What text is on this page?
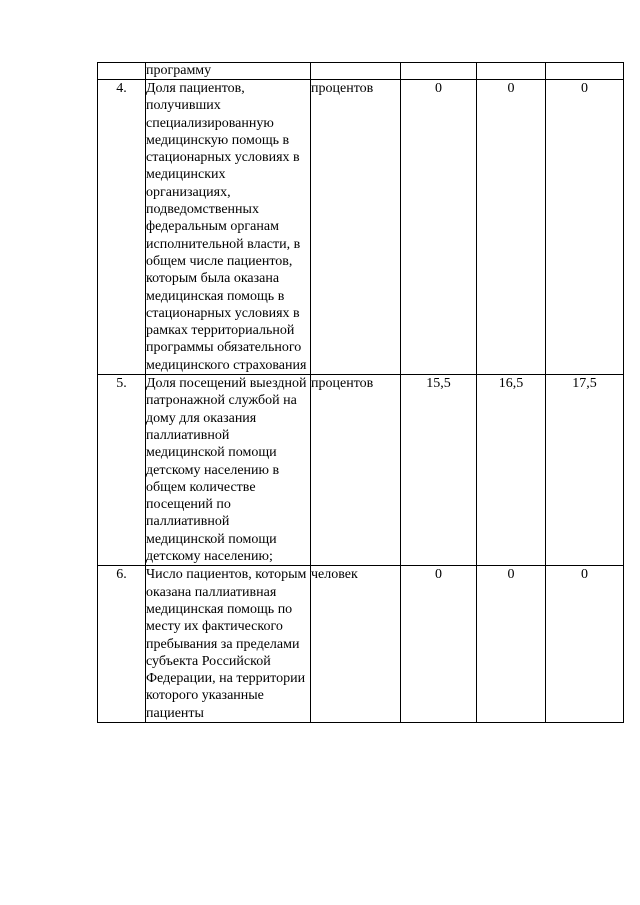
	программу				
4.	Доля пациентов, получивших специализированную медицинскую помощь в стационарных условиях в медицинских организациях, подведомственных федеральным органам исполнительной власти, в общем числе пациентов, которым была оказана медицинская помощь в стационарных условиях в рамках территориальной программы обязательного медицинского страхования	процентов	0	0	0
5.	Доля посещений выездной патронажной службой на дому для оказания паллиативной медицинской помощи детскому населению в общем количестве посещений по паллиативной медицинской помощи детскому населению;	процентов	15,5	16,5	17,5
6.	Число пациентов, которым оказана паллиативная медицинская помощь по месту их фактического пребывания за пределами субъекта Российской Федерации, на территории которого указанные пациенты	человек	0	0	0
